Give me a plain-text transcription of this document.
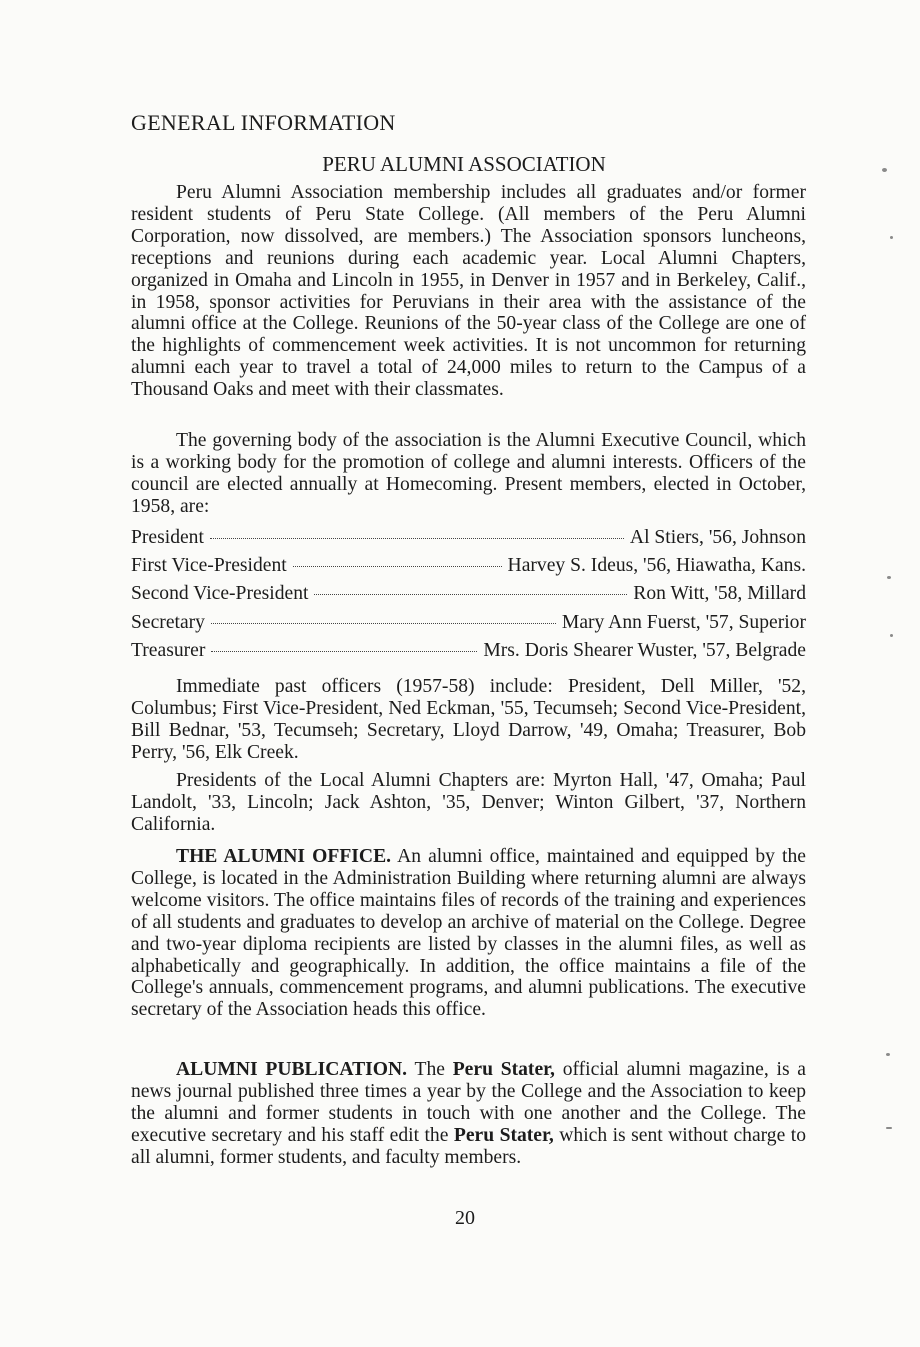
GENERAL INFORMATION
PERU ALUMNI ASSOCIATION

Peru Alumni Association membership includes all graduates and/or former resident students of Peru State College. (All members of the Peru Alumni Corporation, now dissolved, are members.) The Association sponsors luncheons, receptions and reunions during each academic year. Local Alumni Chapters, organized in Omaha and Lincoln in 1955, in Denver in 1957 and in Berkeley, Calif., in 1958, sponsor activities for Peruvians in their area with the assistance of the alumni office at the College. Reunions of the 50-year class of the College are one of the highlights of commencement week activities. It is not uncommon for returning alumni each year to travel a total of 24,000 miles to return to the Campus of a Thousand Oaks and meet with their classmates.

The governing body of the association is the Alumni Executive Council, which is a working body for the promotion of college and alumni interests. Officers of the council are elected annually at Homecoming. Present members, elected in October, 1958, are:

President	Al Stiers, '56, Johnson
First Vice-President	Harvey S. Ideus, '56, Hiawatha, Kans.
Second Vice-President	Ron Witt, '58, Millard
Secretary	Mary Ann Fuerst, '57, Superior
Treasurer	Mrs. Doris Shearer Wuster, '57, Belgrade

Immediate past officers (1957-58) include: President, Dell Miller, '52, Columbus; First Vice-President, Ned Eckman, '55, Tecumseh; Second Vice-President, Bill Bednar, '53, Tecumseh; Secretary, Lloyd Darrow, '49, Omaha; Treasurer, Bob Perry, '56, Elk Creek.

Presidents of the Local Alumni Chapters are: Myrton Hall, '47, Omaha; Paul Landolt, '33, Lincoln; Jack Ashton, '35, Denver; Winton Gilbert, '37, Northern California.

THE ALUMNI OFFICE. An alumni office, maintained and equipped by the College, is located in the Administration Building where returning alumni are always welcome visitors. The office maintains files of records of the training and experiences of all students and graduates to develop an archive of material on the College. Degree and two-year diploma recipients are listed by classes in the alumni files, as well as alphabetically and geographically. In addition, the office maintains a file of the College's annuals, commencement programs, and alumni publications. The executive secretary of the Association heads this office.

ALUMNI PUBLICATION. The Peru Stater, official alumni magazine, is a news journal published three times a year by the College and the Association to keep the alumni and former students in touch with one another and the College. The executive secretary and his staff edit the Peru Stater, which is sent without charge to all alumni, former students, and faculty members.

20
